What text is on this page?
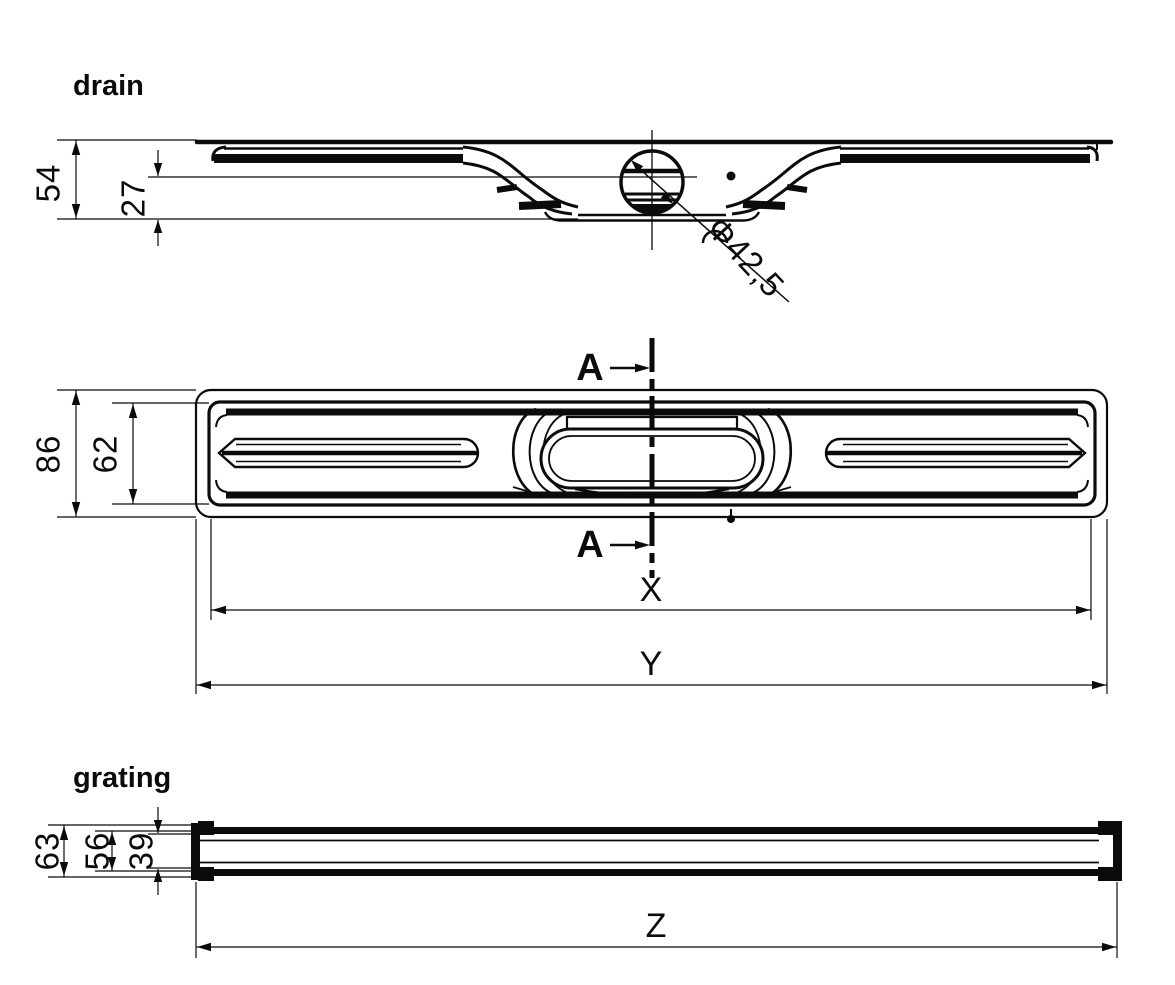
drain
Φ42,5
54 27
A
A
86 62
X
Y
grating
63 56 39
Z
